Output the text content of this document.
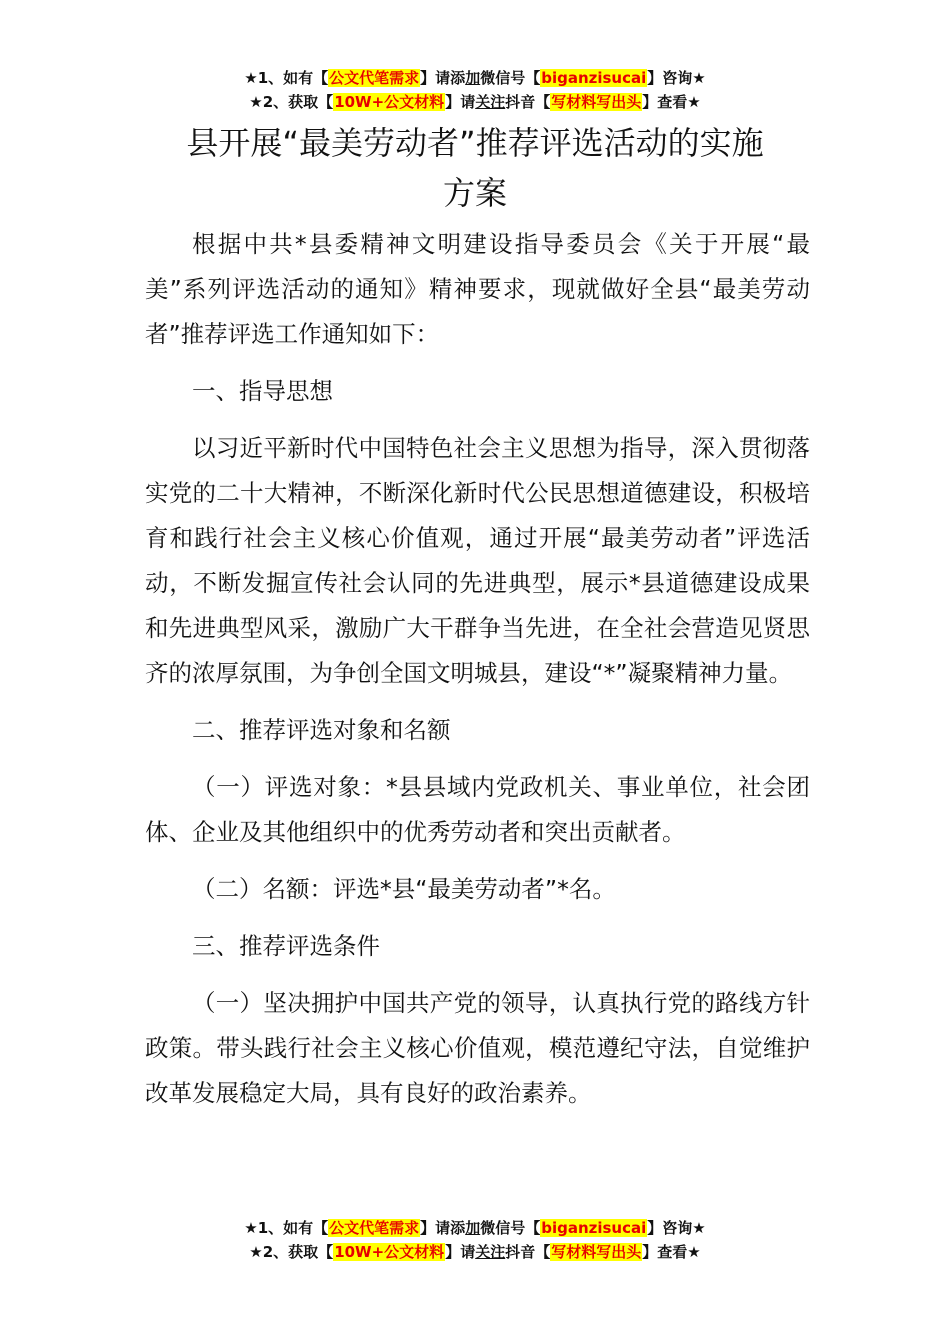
★1、如有【公文代笔需求】请添加微信号【biganzisucai】咨询★
★2、获取【10W+公文材料】请关注抖音【写材料写出头】查看★
县开展“最美劳动者”推荐评选活动的实施
方案

根据中共*县委精神文明建设指导委员会《关于开展“最美”系列评选活动的通知》精神要求，现就做好全县“最美劳动者”推荐评选工作通知如下：

一、指导思想

以习近平新时代中国特色社会主义思想为指导，深入贯彻落实党的二十大精神，不断深化新时代公民思想道德建设，积极培育和践行社会主义核心价值观，通过开展“最美劳动者”评选活动，不断发掘宣传社会认同的先进典型，展示*县道德建设成果和先进典型风采，激励广大干群争当先进，在全社会营造见贤思齐的浓厚氛围，为争创全国文明城县，建设“*”凝聚精神力量。

二、推荐评选对象和名额

（一）评选对象：*县县域内党政机关、事业单位，社会团体、企业及其他组织中的优秀劳动者和突出贡献者。

（二）名额：评选*县“最美劳动者”*名。

三、推荐评选条件

（一）坚决拥护中国共产党的领导，认真执行党的路线方针政策。带头践行社会主义核心价值观，模范遵纪守法，自觉维护改革发展稳定大局，具有良好的政治素养。

★1、如有【公文代笔需求】请添加微信号【biganzisucai】咨询★
★2、获取【10W+公文材料】请关注抖音【写材料写出头】查看★
